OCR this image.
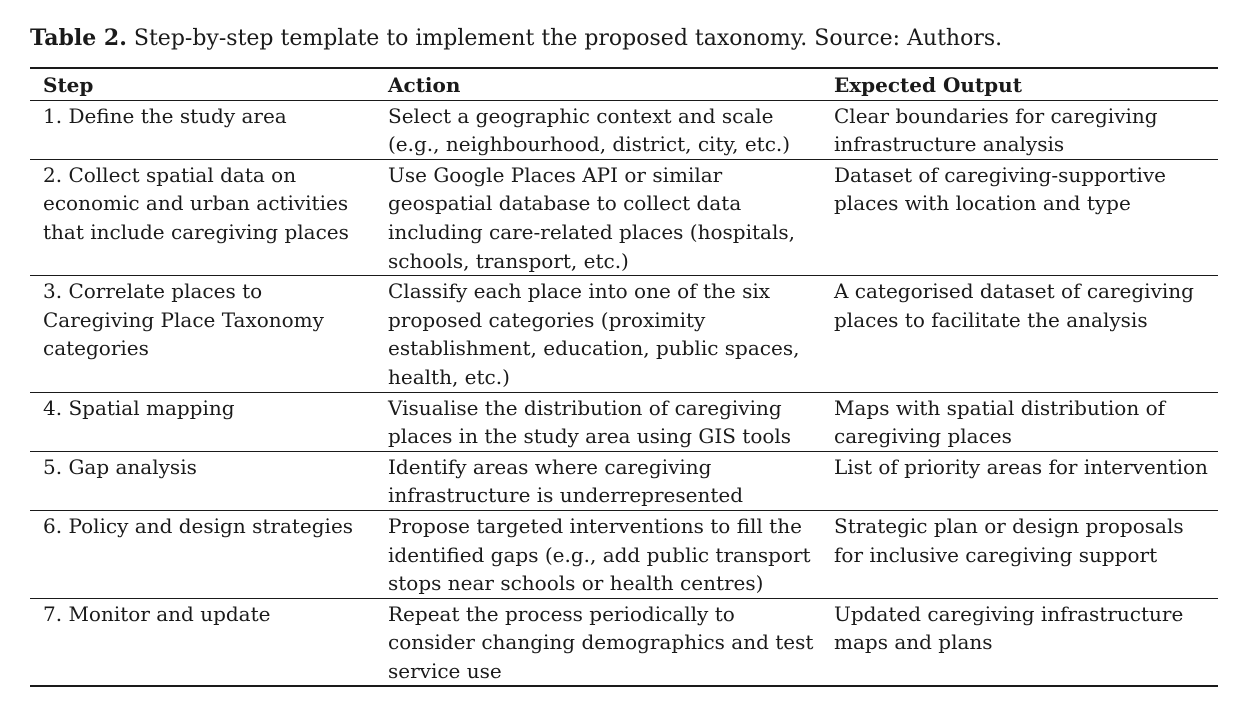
Table 2. Step-by-step template to implement the proposed taxonomy. Source: Authors.
Step	Action	Expected Output
1. Define the study area	Select a geographic context and scale (e.g., neighbourhood, district, city, etc.)	Clear boundaries for caregiving infrastructure analysis
2. Collect spatial data on economic and urban activities that include caregiving places	Use Google Places API or similar geospatial database to collect data including care-related places (hospitals, schools, transport, etc.)	Dataset of caregiving-supportive places with location and type
3. Correlate places to Caregiving Place Taxonomy categories	Classify each place into one of the six proposed categories (proximity establishment, education, public spaces, health, etc.)	A categorised dataset of caregiving places to facilitate the analysis
4. Spatial mapping	Visualise the distribution of caregiving places in the study area using GIS tools	Maps with spatial distribution of caregiving places
5. Gap analysis	Identify areas where caregiving infrastructure is underrepresented	List of priority areas for intervention
6. Policy and design strategies	Propose targeted interventions to fill the identified gaps (e.g., add public transport stops near schools or health centres)	Strategic plan or design proposals for inclusive caregiving support
7. Monitor and update	Repeat the process periodically to consider changing demographics and test service use	Updated caregiving infrastructure maps and plans
